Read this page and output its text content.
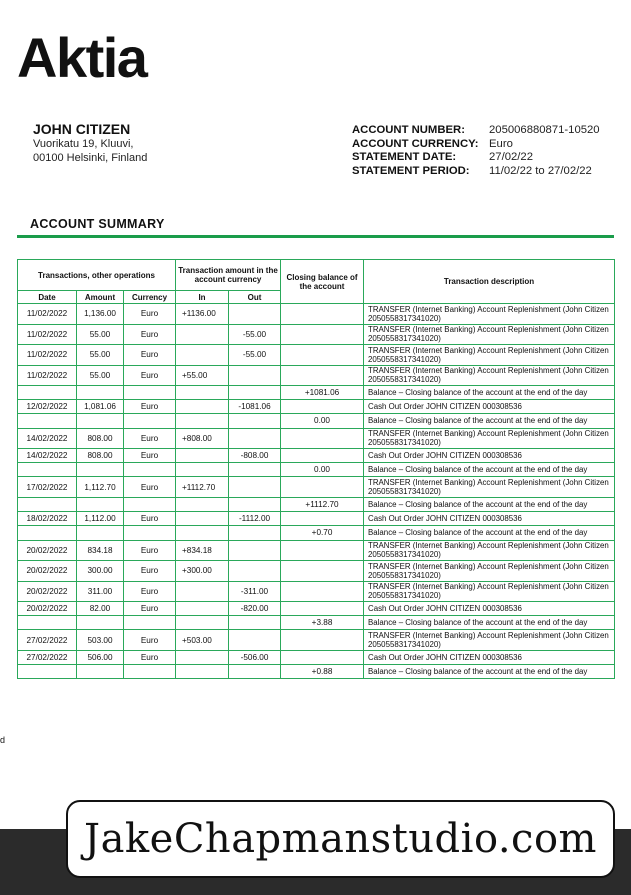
Aktia
JOHN CITIZEN
Vuorikatu 19, Kluuvi,
00100 Helsinki, Finland
ACCOUNT NUMBER:	205006880871-10520
ACCOUNT CURRENCY: Euro
STATEMENT DATE:	27/02/22
STATEMENT PERIOD:	11/02/22 to 27/02/22
ACCOUNT SUMMARY
Transactions, other operations			Transaction amount in the account currency		Closing balance of the account	Transaction description
Date	Amount	Currency	In	Out		
11/02/2022	1,136.00	Euro	+1136.00			TRANSFER (Internet Banking) Account Replenishment (John Citizen 2050558317341020)
11/02/2022	55.00	Euro		-55.00		TRANSFER (Internet Banking) Account Replenishment (John Citizen 2050558317341020)
11/02/2022	55.00	Euro		-55.00		TRANSFER (Internet Banking) Account Replenishment (John Citizen 2050558317341020)
11/02/2022	55.00	Euro	+55.00			TRANSFER (Internet Banking) Account Replenishment (John Citizen 2050558317341020)
					+1081.06	Balance – Closing balance of the account at the end of the day
12/02/2022	1,081.06	Euro		-1081.06		Cash Out Order JOHN CITIZEN 000308536
					0.00	Balance – Closing balance of the account at the end of the day
14/02/2022	808.00	Euro	+808.00			TRANSFER (Internet Banking) Account Replenishment (John Citizen 2050558317341020)
14/02/2022	808.00	Euro		-808.00		Cash Out Order JOHN CITIZEN 000308536
					0.00	Balance – Closing balance of the account at the end of the day
17/02/2022	1,112.70	Euro	+1112.70			TRANSFER (Internet Banking) Account Replenishment (John Citizen 2050558317341020)
					+1112.70	Balance – Closing balance of the account at the end of the day
18/02/2022	1,112.00	Euro		-1112.00		Cash Out Order JOHN CITIZEN 000308536
					+0.70	Balance – Closing balance of the account at the end of the day
20/02/2022	834.18	Euro	+834.18			TRANSFER (Internet Banking) Account Replenishment (John Citizen 2050558317341020)
20/02/2022	300.00	Euro	+300.00			TRANSFER (Internet Banking) Account Replenishment (John Citizen 2050558317341020)
20/02/2022	311.00	Euro		-311.00		TRANSFER (Internet Banking) Account Replenishment (John Citizen 2050558317341020)
20/02/2022	82.00	Euro		-820.00		Cash Out Order JOHN CITIZEN 000308536
					+3.88	Balance – Closing balance of the account at the end of the day
27/02/2022	503.00	Euro	+503.00			TRANSFER (Internet Banking) Account Replenishment (John Citizen 2050558317341020)
27/02/2022	506.00	Euro		-506.00		Cash Out Order JOHN CITIZEN 000308536
					+0.88	Balance – Closing balance of the account at the end of the day
d
JakeChapmanstudio.com
